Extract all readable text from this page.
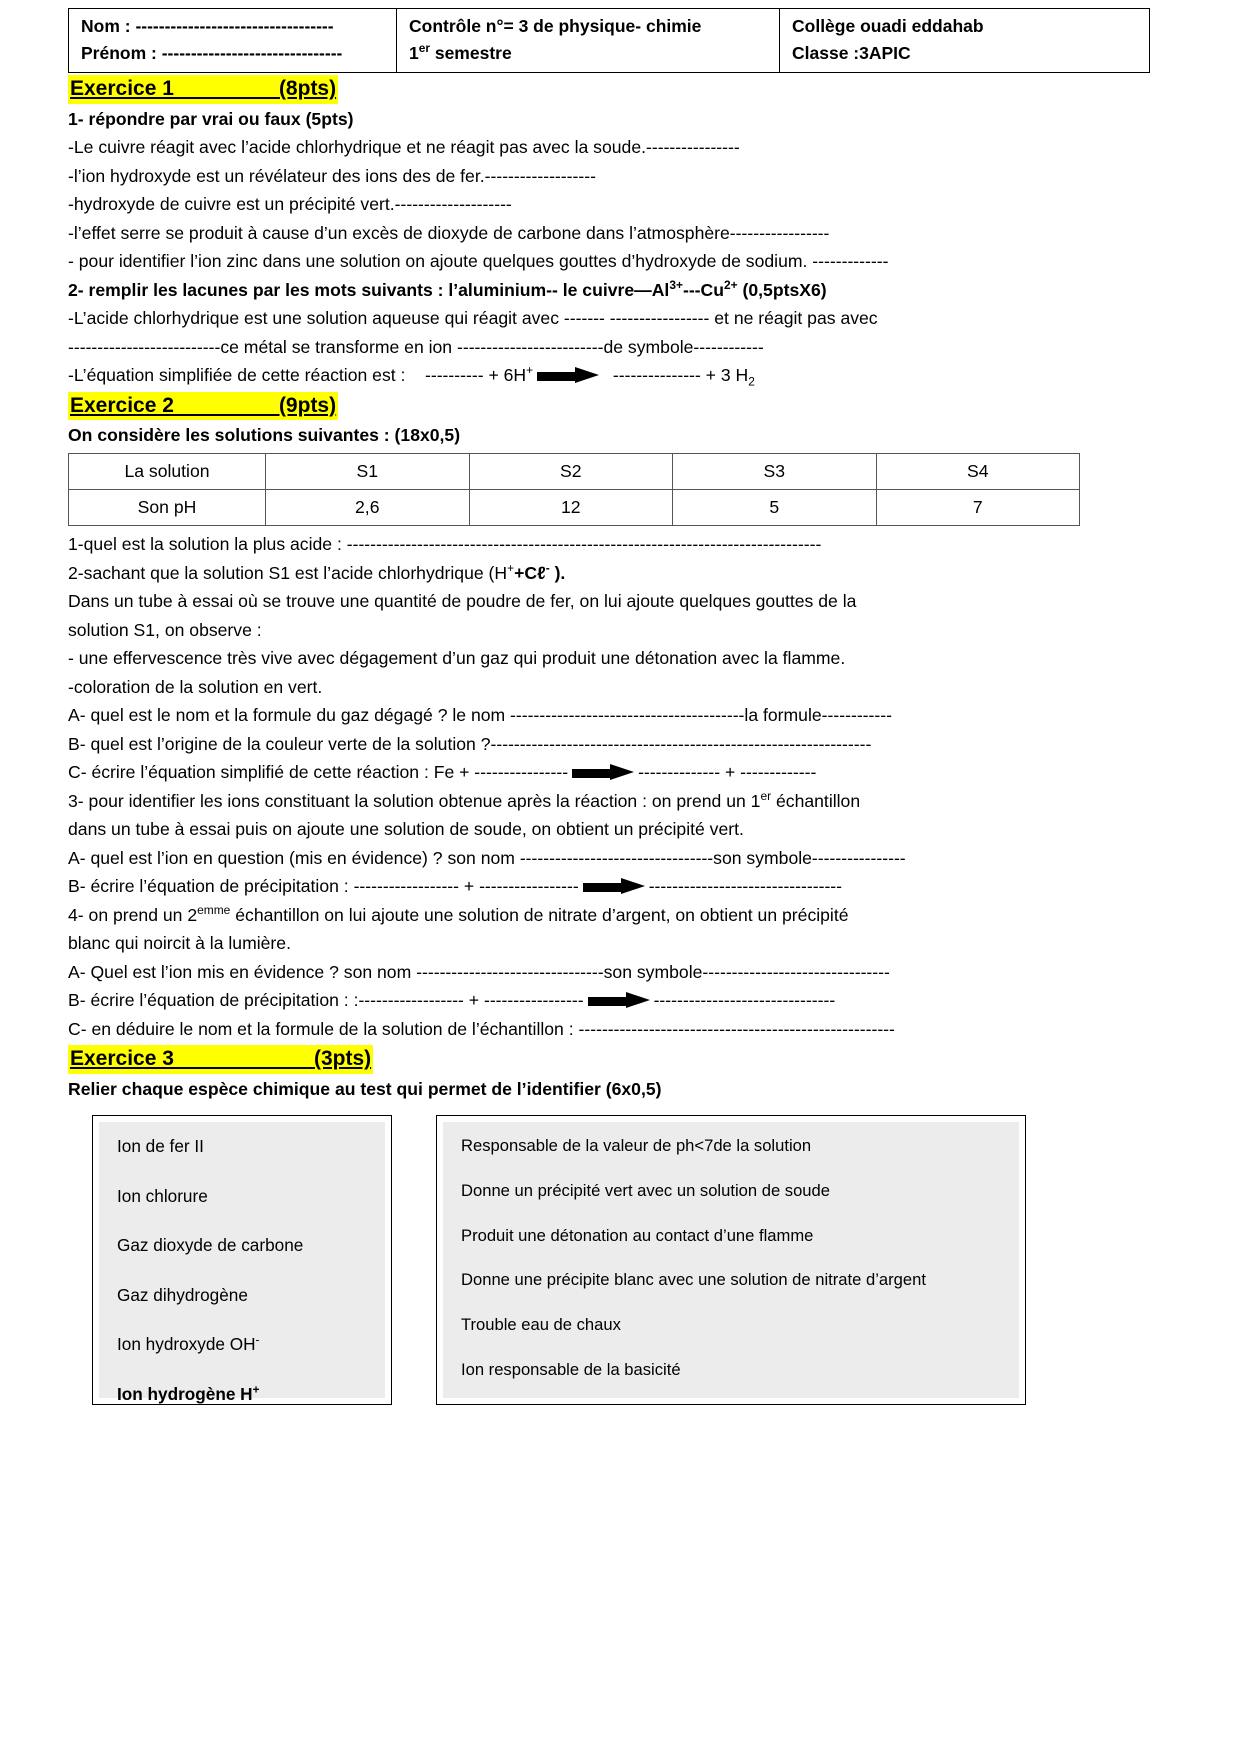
Nom : ----------------------------------
Prénom : -------------------------------

Contrôle n°= 3 de physique- chimie
1er semestre

Collège ouadi eddahab
Classe :3APIC
Exercice 1                  (8pts)
1- répondre par vrai ou faux (5pts)
-Le cuivre réagit avec l’acide chlorhydrique et ne réagit pas avec la soude.----------------
-l’ion hydroxyde est un révélateur des ions des de fer.-------------------
-hydroxyde de cuivre est un précipité vert.--------------------
-l’effet serre se produit à cause d’un excès de dioxyde de carbone dans l’atmosphère-----------------
- pour identifier l’ion zinc dans une solution on ajoute quelques gouttes d’hydroxyde de sodium. -------------
2- remplir les lacunes par les mots suivants : l’aluminium-- le $cuivre—Al^{3+}---Cu^{2+}$ (0,5ptsX6)
-L’acide chlorhydrique est une solution aqueuse qui réagit avec ------- ----------------- et ne réagit pas avec
--------------------------ce métal se transforme en ion -------------------------de symbole------------
-L’équation simplifiée de cette réaction est : ---------- + 6H+	--------------- + 3 $H_2$
Exercice 2                  (9pts)
On considère les solutions suivantes : (18x0,5)
La solution	S1	S2	S3	S4
Son pH	2,6	12	5	7
1-quel est la solution la plus acide : ---------------------------------------------------------------------------------
2-sachant que la solution S1 est l’acide chlorhydrique (H++Cℓ- ).
Dans un tube à essai où se trouve une quantité de poudre de fer, on lui ajoute quelques gouttes de la
solution S1, on observe :
- une effervescence très vive avec dégagement d’un gaz qui produit une détonation avec la flamme.
-coloration de la solution en vert.
A- quel est le nom et la formule du gaz dégagé ? le nom ----------------------------------------la formule------------
B- quel est l’origine de la couleur verte de la solution ?-----------------------------------------------------------------
C- écrire l’équation simplifié de cette réaction : Fe + ----------------	-------------- + -------------
3- pour identifier les ions constituant la solution obtenue après la réaction : on prend un 1er échantillon
dans un tube à essai puis on ajoute une solution de soude, on obtient un précipité vert.
A- quel est l’ion en question (mis en évidence) ? son nom ---------------------------------son symbole----------------
B- écrire l’équation de précipitation : ------------------ + -----------------	---------------------------------
4- on prend un $2^{emme}$ échantillon on lui ajoute une solution de nitrate d’argent, on obtient un précipité
blanc qui noircit à la lumière.
A- Quel est l’ion mis en évidence ? son nom --------------------------------son symbole--------------------------------
B- écrire l’équation de précipitation : :------------------ + -----------------	-------------------------------
C- en déduire le nom et la formule de la solution de l’échantillon : ------------------------------------------------------
Exercice 3                        (3pts)
Relier chaque espèce chimique au test qui permet de l’identifier (6x0,5)
Ion de fer II
Ion chlorure
Gaz dioxyde de carbone
Gaz dihydrogène
Ion hydroxyde OH-
Ion hydrogène H+
Responsable de la valeur de ph<7de la solution
Donne un précipité vert avec un solution de soude
Produit une détonation au contact d’une flamme
Donne une précipite blanc avec une solution de nitrate d’argent
Trouble eau de chaux
Ion responsable de la basicité
